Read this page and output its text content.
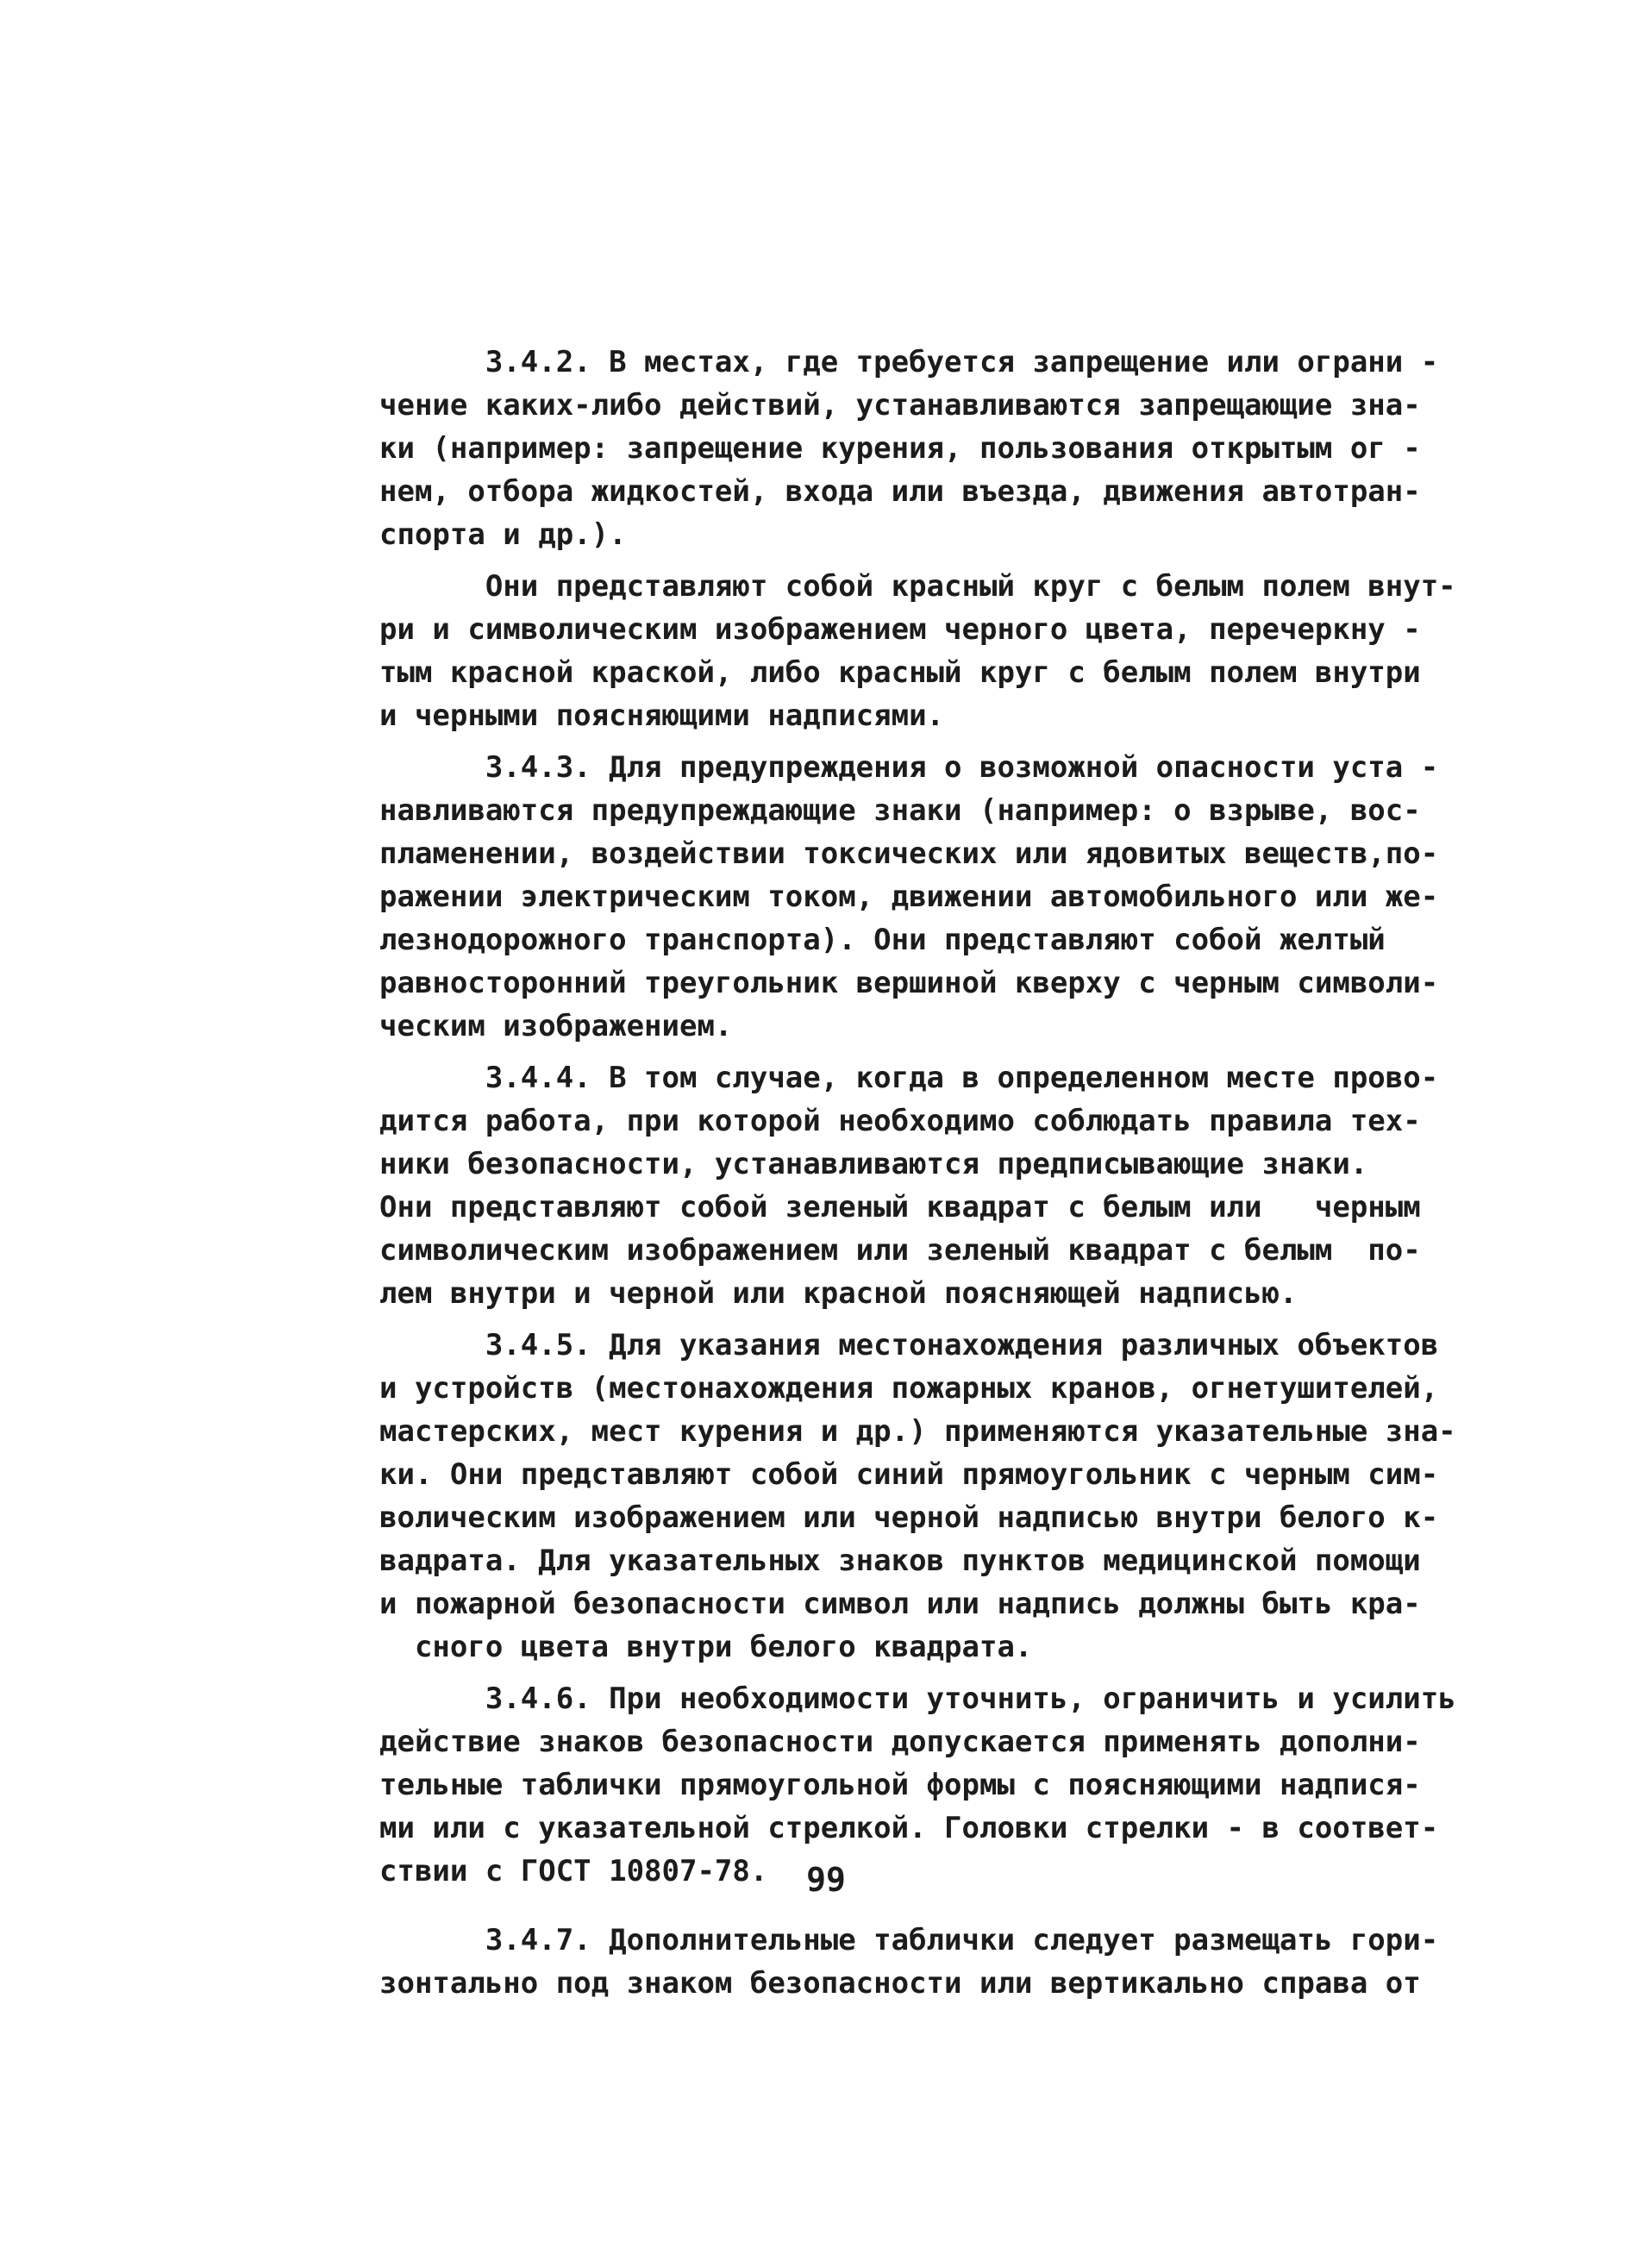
3.4.2. В местах, где требуется запрещение или ограни -
чение каких-либо действий, устанавливаются запрещающие зна-
ки (например: запрещение курения, пользования открытым ог -
нем, отбора жидкостей, входа или въезда, движения автотран-
спорта и др.).

Они представляют собой красный круг с белым полем внут-
ри и символическим изображением черного цвета, перечеркну -
тым красной краской, либо красный круг с белым полем внутри
и черными поясняющими надписями.

3.4.3. Для предупреждения о возможной опасности уста -
навливаются предупреждающие знаки (например: о взрыве, вос-
пламенении, воздействии токсических или ядовитых веществ,по-
ражении электрическим током, движении автомобильного или же-
лезнодорожного транспорта). Они представляют собой желтый
равносторонний треугольник вершиной кверху с черным символи-
ческим изображением.

3.4.4. В том случае, когда в определенном месте прово-
дится работа, при которой необходимо соблюдать правила тех-
ники безопасности, устанавливаются предписывающие знаки.
Они представляют собой зеленый квадрат с белым или   черным
символическим изображением или зеленый квадрат с белым  по-
лем внутри и черной или красной поясняющей надписью.

3.4.5. Для указания местонахождения различных объектов
и устройств (местонахождения пожарных кранов, огнетушителей,
мастерских, мест курения и др.) применяются указательные зна-
ки. Они представляют собой синий прямоугольник с черным сим-
волическим изображением или черной надписью внутри белого к-
вадрата. Для указательных знаков пунктов медицинской помощи
и пожарной безопасности символ или надпись должны быть кра-
сного цвета внутри белого квадрата.

3.4.6. При необходимости уточнить, ограничить и усилить
действие знаков безопасности допускается применять дополни-
тельные таблички прямоугольной формы с поясняющими надпися-
ми или с указательной стрелкой. Головки стрелки - в соответ-
ствии с ГОСТ 10807-78.

3.4.7. Дополнительные таблички следует размещать гори-
зонтально под знаком безопасности или вертикально справа от

99
